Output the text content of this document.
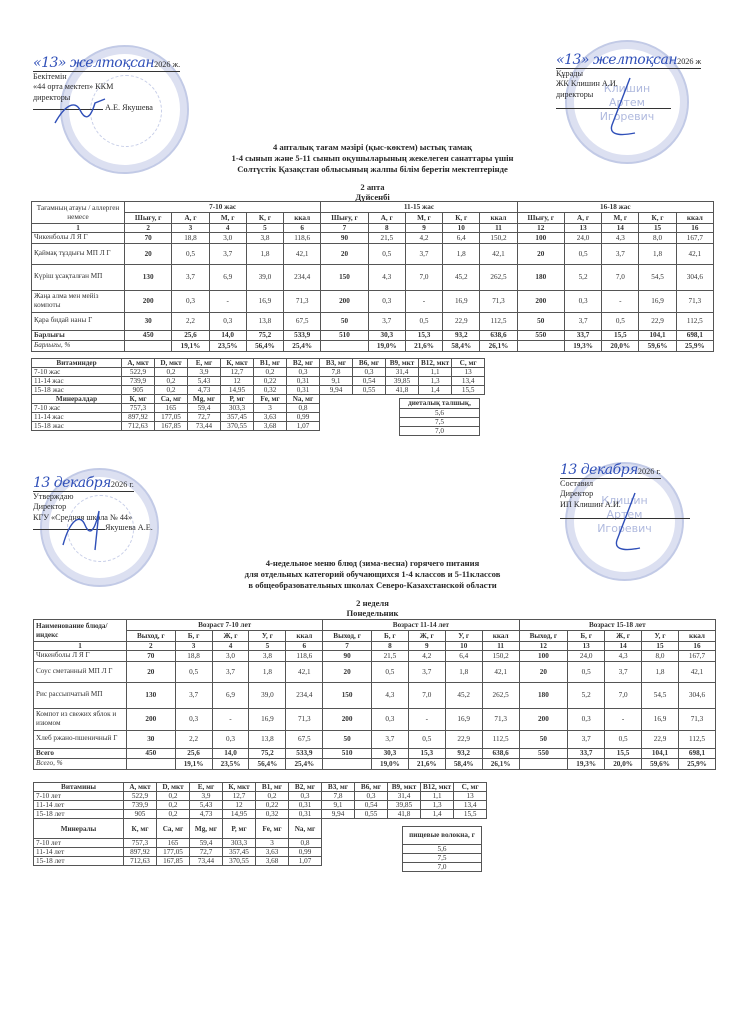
«13» желтоқсан2026 ж.
Бекітемін
«44 орта мектеп» ККМ
директоры
А.Е. Якушева
Клишин
Артем
Игоревич
«13» желтоқсан2026 ж
Құрады
ЖК Клишин А.И.
директоры
4 апталық тағам мәзірі (қыс-көктем) ыстық тамақ
1-4 сынып және 5-11 сынып оқушыларының жекелеген санаттары үшін
Солтүстік Қазақстан облысының жалпы білім беретін мектептерінде
2 апта
Дүйсенбі
Тағамның атауы / аллерген немесе	7-10 жас					11-15 жас					16-18 жас				
	Шығу, г	А, г	М, г	К, г	ккал	Шығу, г	А, г	М, г	К, г	ккал	Шығу, г	А, г	М, г	К, г	ккал
1	2	3	4	5	6	7	8	9	10	11	12	13	14	15	16
Чикенболы Л Я Г	70	18,8	3,0	3,8	118,6	90	21,5	4,2	6,4	150,2	100	24,0	4,3	8,0	167,7
Қаймақ тұздығы МП Л Г	20	0,5	3,7	1,8	42,1	20	0,5	3,7	1,8	42,1	20	0,5	3,7	1,8	42,1
Күріш ұсақталған МП	130	3,7	6,9	39,0	234,4	150	4,3	7,0	45,2	262,5	180	5,2	7,0	54,5	304,6
Жаңа алма мен мейіз компоты	200	0,3	-	16,9	71,3	200	0,3	-	16,9	71,3	200	0,3	-	16,9	71,3
Қара бидай наны Г	30	2,2	0,3	13,8	67,5	50	3,7	0,5	22,9	112,5	50	3,7	0,5	22,9	112,5
Барлығы	450	25,6	14,0	75,2	533,9	510	30,3	15,3	93,2	638,6	550	33,7	15,5	104,1	698,1
Барлығы, %		19,1%	23,5%	56,4%	25,4%		19,0%	21,6%	58,4%	26,1%		19,3%	20,0%	59,6%	25,9%
Витаминдер	А, мкт	D, мкт	Е, мг	К, мкт	В1, мг	В2, мг	В3, мг	В6, мг	В9, мкт	В12, мкт	С, мг
7-10 жас	522,9	0,2	3,9	12,7	0,2	0,3	7,8	0,3	31,4	1,1	13
11-14 жас	739,9	0,2	5,43	12	0,22	0,31	9,1	0,54	39,85	1,3	13,4
15-18 жас	905	0,2	4,73	14,95	0,32	0,31	9,94	0,55	41,8	1,4	15,5
Минералдар	К, мг	Са, мг	Mg, мг	Р, мг	Fe, мг	Na, мг					
7-10 жас	757,3	165	59,4	303,3	3	0,8					
11-14 жас	897,92	177,05	72,7	357,45	3,63	0,99					
15-18 жас	712,63	167,85	73,44	370,55	3,68	1,07					
диеталық талшық,
5,6
7,5
7,0
13 декабря2026 г.
Утверждаю
Директор
КГУ «Средняя школа № 44»
Якушева А.Е.
Клишин
Артем
Игоревич
13 декабря2026 г.
Составил
Директор
ИП Клишин А.И.
4-недельное меню блюд (зима-весна) горячего питания
для отдельных категорий обучающихся 1-4 классов и 5-11классов
в общеобразовательных школах Северо-Казахстанской области
2 неделя
Понедельник
Наименование блюда/индекс	Возраст 7-10 лет					Возраст 11-14 лет					Возраст 15-18 лет				
	Выход, г	Б, г	Ж, г	У, г	ккал	Выход, г	Б, г	Ж, г	У, г	ккал	Выход, г	Б, г	Ж, г	У, г	ккал
1	2	3	4	5	6	7	8	9	10	11	12	13	14	15	16
Чикенболы Л Я Г	70	18,8	3,0	3,8	118,6	90	21,5	4,2	6,4	150,2	100	24,0	4,3	8,0	167,7
Соус сметанный МП Л Г	20	0,5	3,7	1,8	42,1	20	0,5	3,7	1,8	42,1	20	0,5	3,7	1,8	42,1
Рис рассыпчатый МП	130	3,7	6,9	39,0	234,4	150	4,3	7,0	45,2	262,5	180	5,2	7,0	54,5	304,6
Компот из свежих яблок и изюмом	200	0,3	-	16,9	71,3	200	0,3	-	16,9	71,3	200	0,3	-	16,9	71,3
Хлеб ржано-пшеничный Г	30	2,2	0,3	13,8	67,5	50	3,7	0,5	22,9	112,5	50	3,7	0,5	22,9	112,5
Всего	450	25,6	14,0	75,2	533,9	510	30,3	15,3	93,2	638,6	550	33,7	15,5	104,1	698,1
Всего, %		19,1%	23,5%	56,4%	25,4%		19,0%	21,6%	58,4%	26,1%		19,3%	20,0%	59,6%	25,9%
Витамины	А, мкт	D, мкт	Е, мг	К, мкт	В1, мг	В2, мг	В3, мг	В6, мг	В9, мкт	В12, мкт	С, мг
7-10 лет	522,9	0,2	3,9	12,7	0,2	0,3	7,8	0,3	31,4	1,1	13
11-14 лет	739,9	0,2	5,43	12	0,22	0,31	9,1	0,54	39,85	1,3	13,4
15-18 лет	905	0,2	4,73	14,95	0,32	0,31	9,94	0,55	41,8	1,4	15,5
Минералы	К, мг	Са, мг	Mg, мг	Р, мг	Fe, мг	Na, мг					
7-10 лет	757,3	165	59,4	303,3	3	0,8					
11-14 лет	897,92	177,05	72,7	357,45	3,63	0,99					
15-18 лет	712,63	167,85	73,44	370,55	3,68	1,07					
пищевые волокна, г
5,6
7,5
7,0
